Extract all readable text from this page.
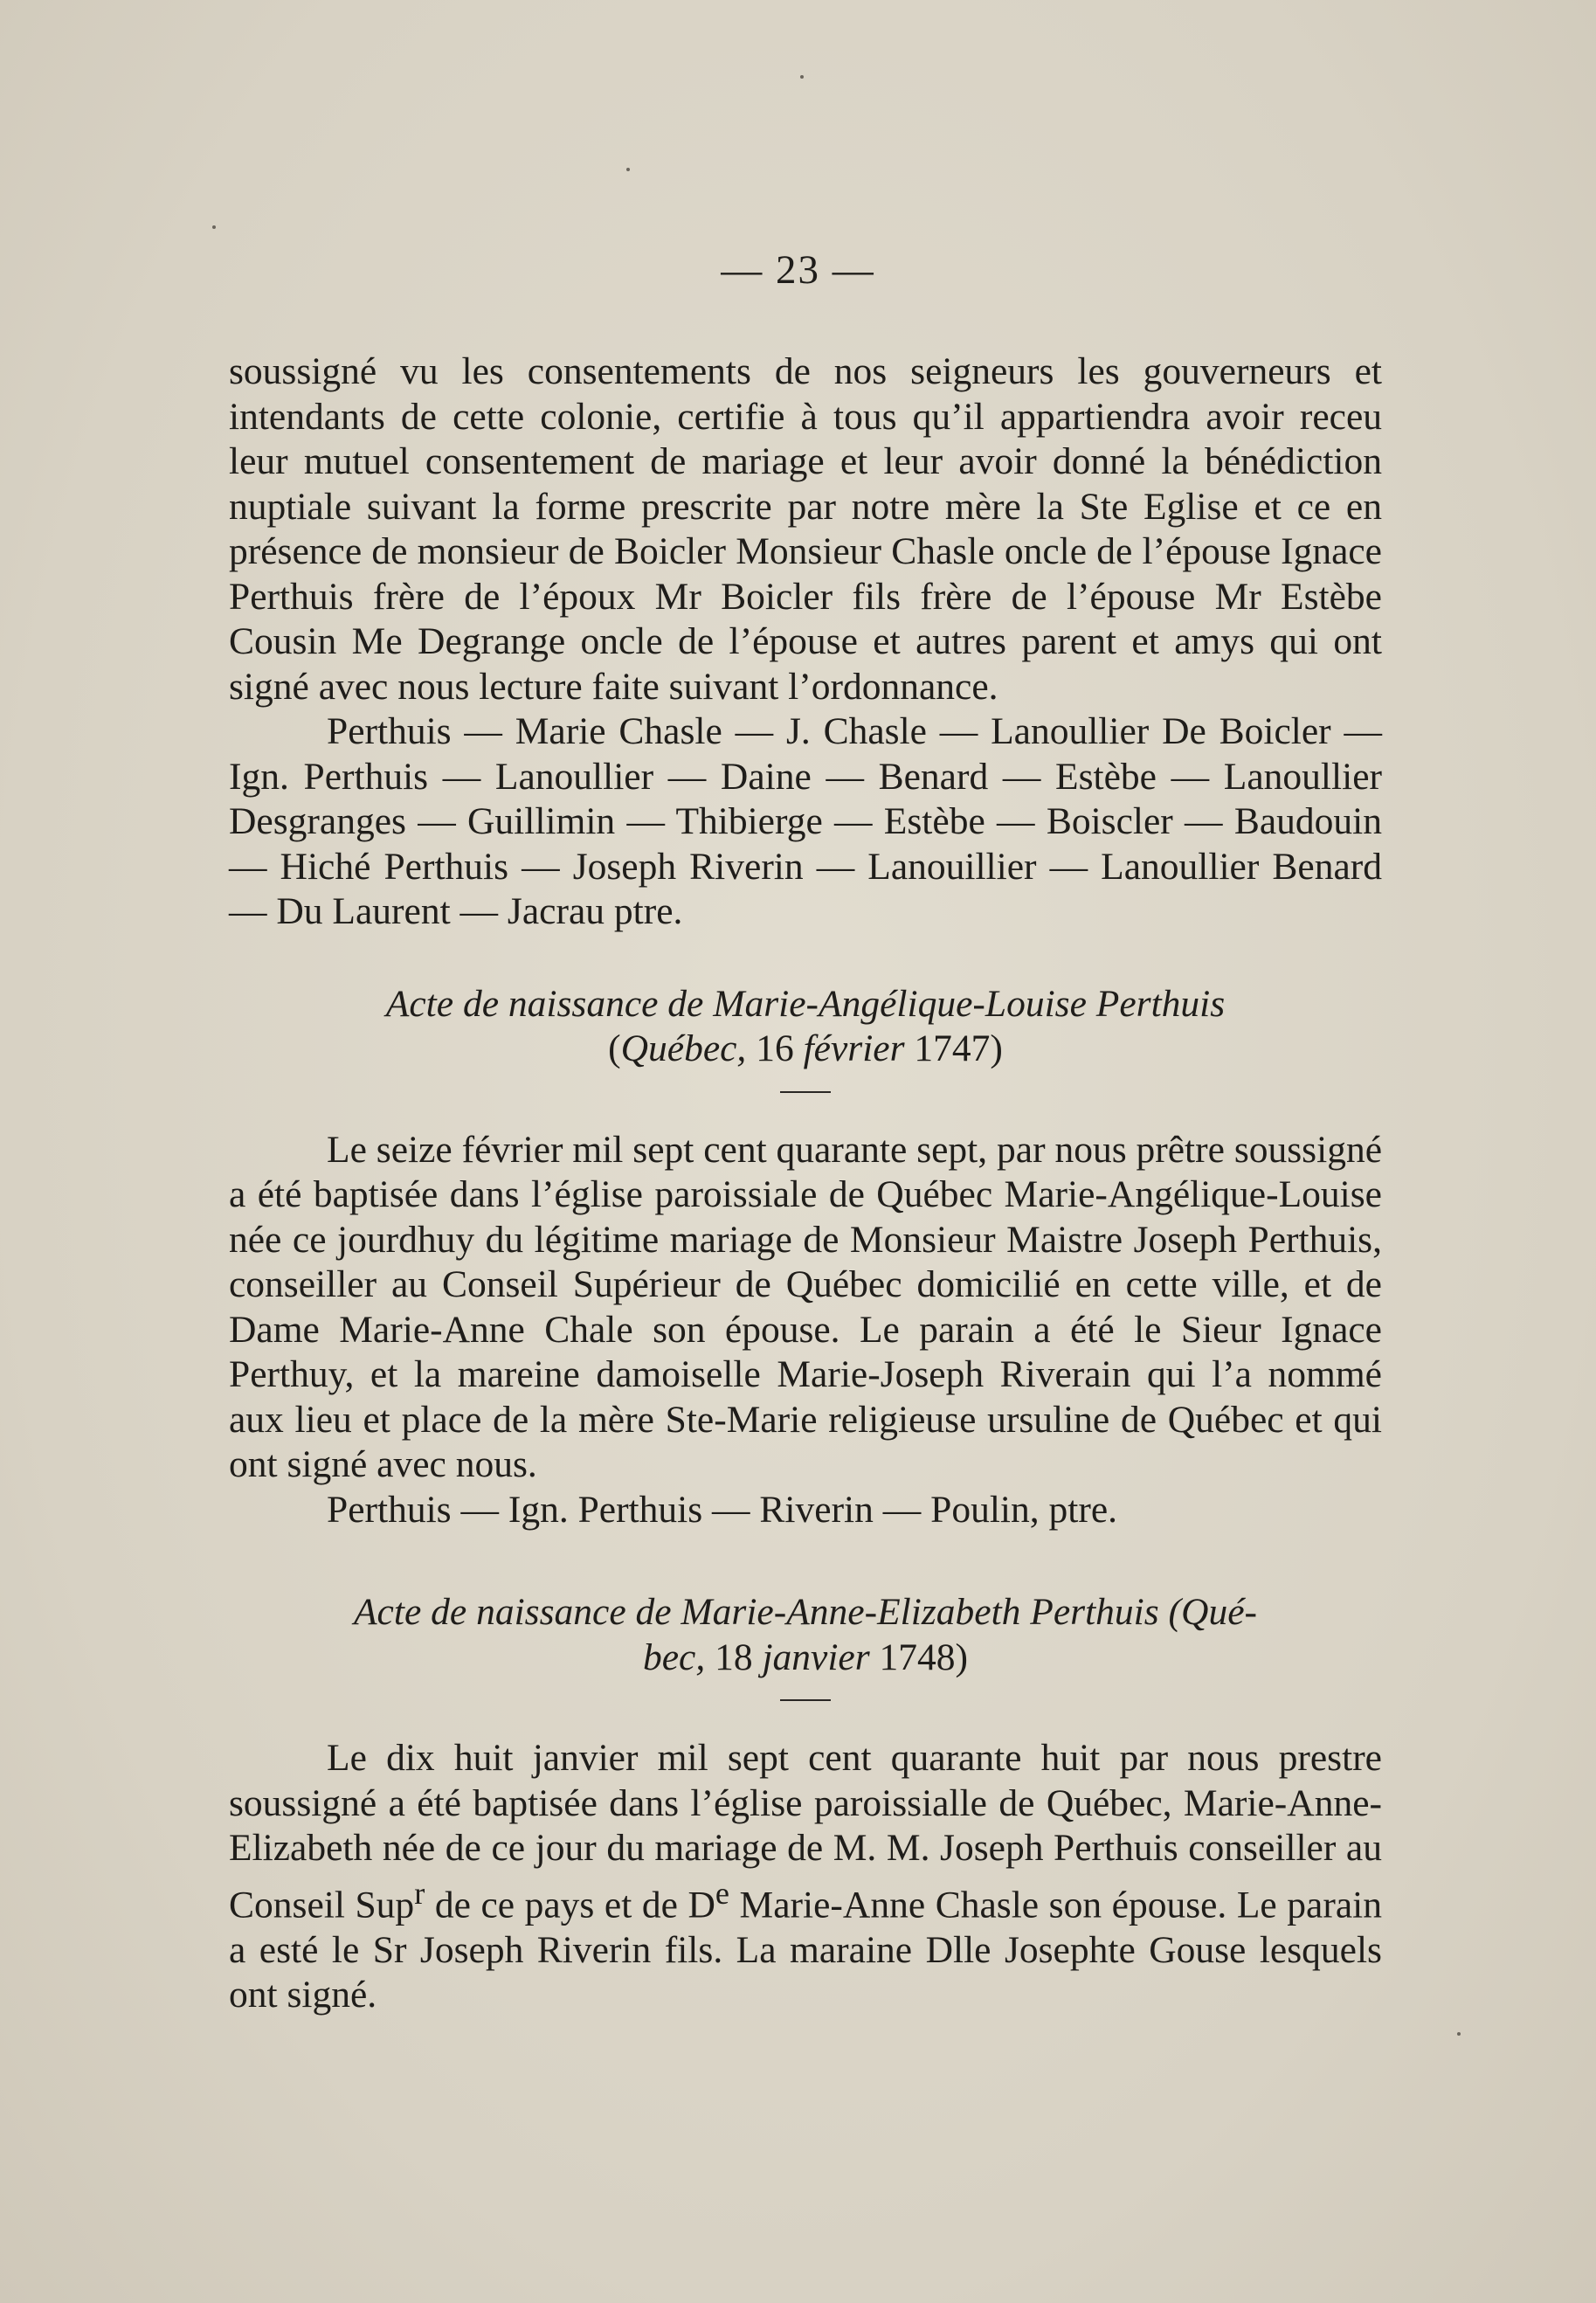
— 23 —

soussigné vu les consentements de nos seigneurs les gouverneurs et intendants de cette colonie, certifie à tous qu’il appartiendra avoir receu leur mutuel consentement de mariage et leur avoir donné la bénédiction nuptiale suivant la forme prescrite par notre mère la Ste Eglise et ce en présence de monsieur de Boicler Monsieur Chasle oncle de l’épouse Ignace Perthuis frère de l’époux Mr Boicler fils frère de l’épouse Mr Estèbe Cousin Me Degrange oncle de l’épouse et autres parent et amys qui ont signé avec nous lecture faite suivant l’ordonnance.

Perthuis — Marie Chasle — J. Chasle — Lanoullier De Boicler — Ign. Perthuis — Lanoullier — Daine — Benard — Estèbe — Lanoullier Desgranges — Guillimin — Thibierge — Estèbe — Boiscler — Baudouin — Hiché Perthuis — Joseph Riverin — Lanouillier — Lanoullier Benard — Du Laurent — Jacrau ptre.

Acte de naissance de Marie-Angélique-Louise Perthuis
(Québec, 16 février 1747)

Le seize février mil sept cent quarante sept, par nous prêtre soussigné a été baptisée dans l’église paroissiale de Québec Marie-Angélique-Louise née ce jourdhuy du légitime mariage de Monsieur Maistre Joseph Perthuis, conseiller au Conseil Supérieur de Québec domicilié en cette ville, et de Dame Marie-Anne Chale son épouse. Le parain a été le Sieur Ignace Perthuy, et la mareine damoiselle Marie-Joseph Riverain qui l’a nommé aux lieu et place de la mère Ste-Marie religieuse ursuline de Québec et qui ont signé avec nous.

Perthuis — Ign. Perthuis — Riverin — Poulin, ptre.

Acte de naissance de Marie-Anne-Elizabeth Perthuis (Qué-
bec, 18 janvier 1748)

Le dix huit janvier mil sept cent quarante huit par nous prestre soussigné a été baptisée dans l’église paroissialle de Québec, Marie-Anne-Elizabeth née de ce jour du mariage de M. M. Joseph Perthuis conseiller au Conseil Sup$^r$ de ce pays et de De Marie-Anne Chasle son épouse. Le parain a esté le Sr Joseph Riverin fils. La maraine Dlle Josephte Gouse lesquels ont signé.
